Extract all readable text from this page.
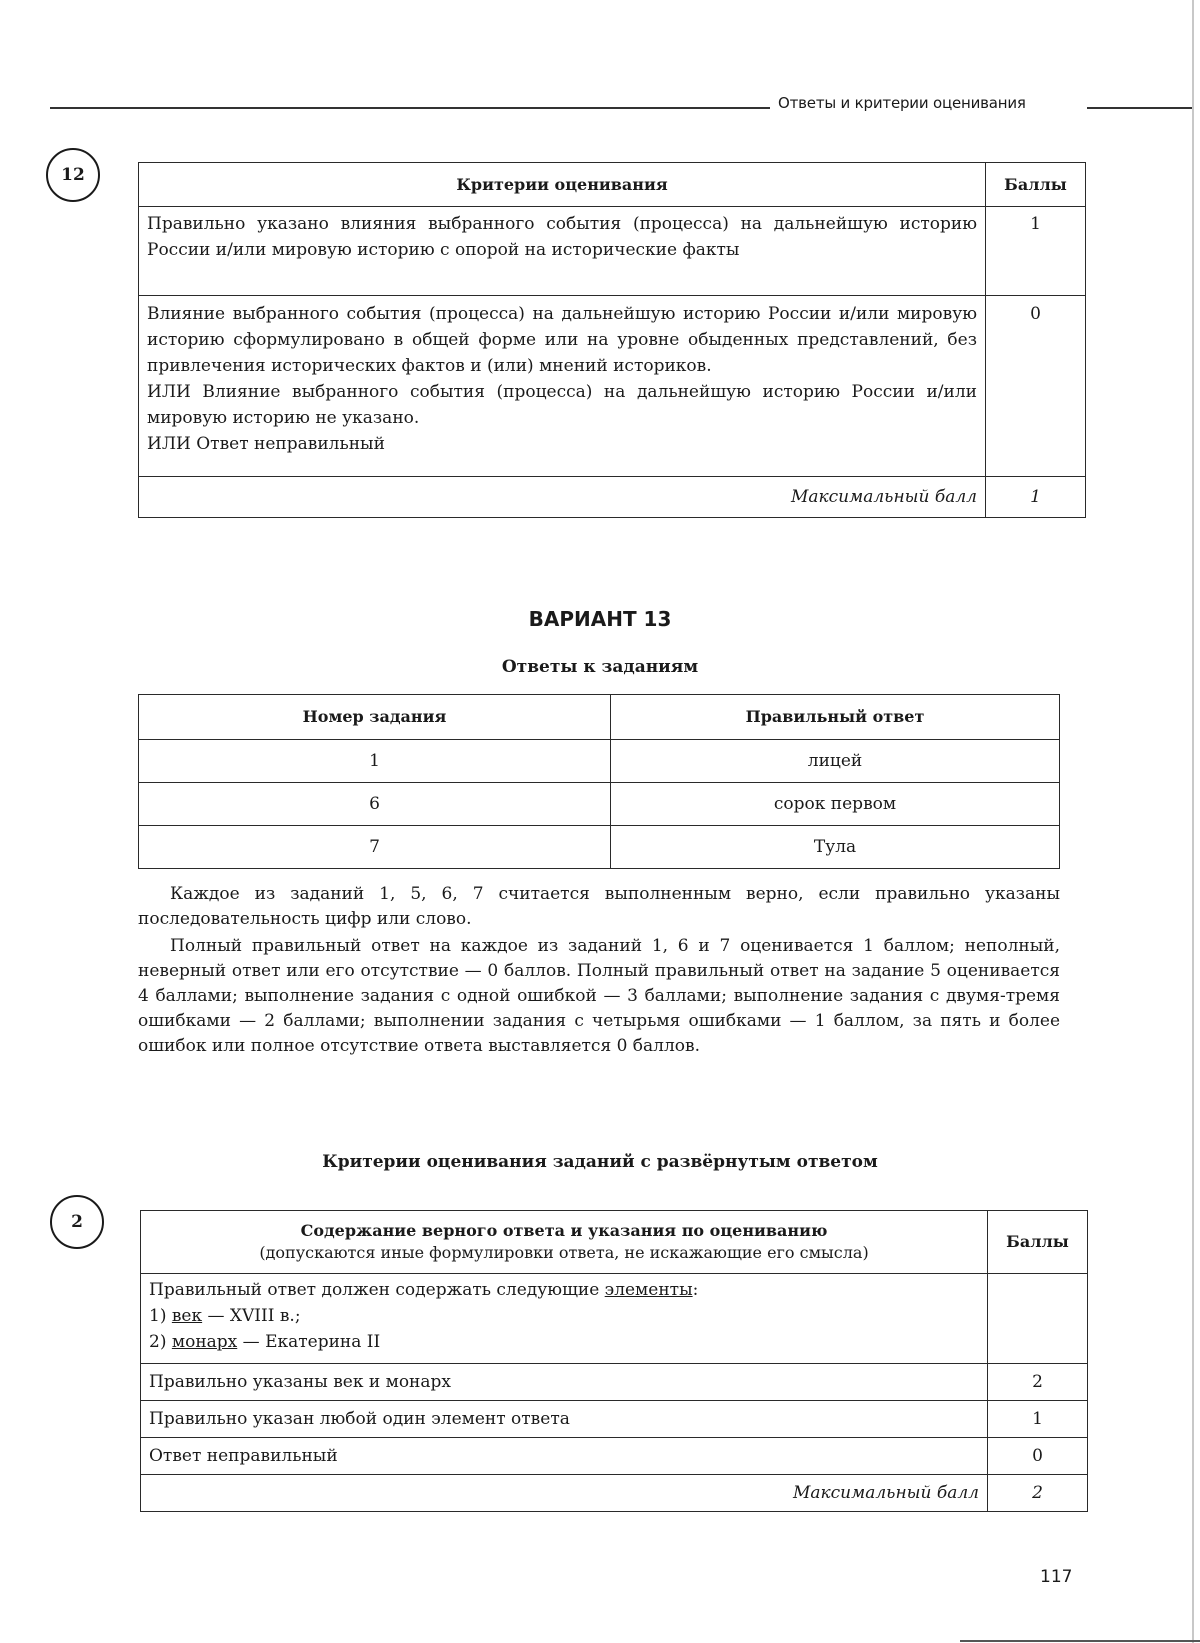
Ответы и критерии оценивания
12	Критерии оценивания	Баллы
Правильно указано влияния выбранного события (процесса) на дальнейшую историю России и/или мировую историю с опорой на исторические факты	1

Влияние выбранного события (процесса) на дальнейшую историю России и/или мировую историю сформулировано в общей форме или на уровне обыденных представлений, без привлечения исторических фактов и (или) мнений историков.
ИЛИ Влияние выбранного события (процесса) на дальнейшую историю России и/или мировую историю не указано.
ИЛИ Ответ неправильный	0
Максимальный балл	1
ВАРИАНТ 13
Ответы к заданиям
Номер задания	Правильный ответ
1	лицей
6	сорок первом
7	Тула

Каждое из заданий 1, 5, 6, 7 считается выполненным верно, если правильно указаны последовательность цифр или слово.

Полный правильный ответ на каждое из заданий 1, 6 и 7 оценивается 1 баллом; неполный, неверный ответ или его отсутствие — 0 баллов. Полный правильный ответ на задание 5 оценивается 4 баллами; выполнение задания с одной ошибкой — 3 баллами; выполнение задания с двумя-тремя ошибками — 2 баллами; выполнении задания с четырьмя ошибками — 1 баллом, за пять и более ошибок или полное отсутствие ответа выставляется 0 баллов.

Критерии оценивания заданий с развёрнутым ответом
2	Содержание верного ответа и указания по оцениванию
(допускаются иные формулировки ответа, не искажающие его смысла)	Баллы

Правильный ответ должен содержать следующие элементы:
1) век — XVIII в.;
2) монарх — Екатерина II	

Правильно указаны век и монарх	2
Правильно указан любой один элемент ответа	1
Ответ неправильный	0
Максимальный балл	2
117
